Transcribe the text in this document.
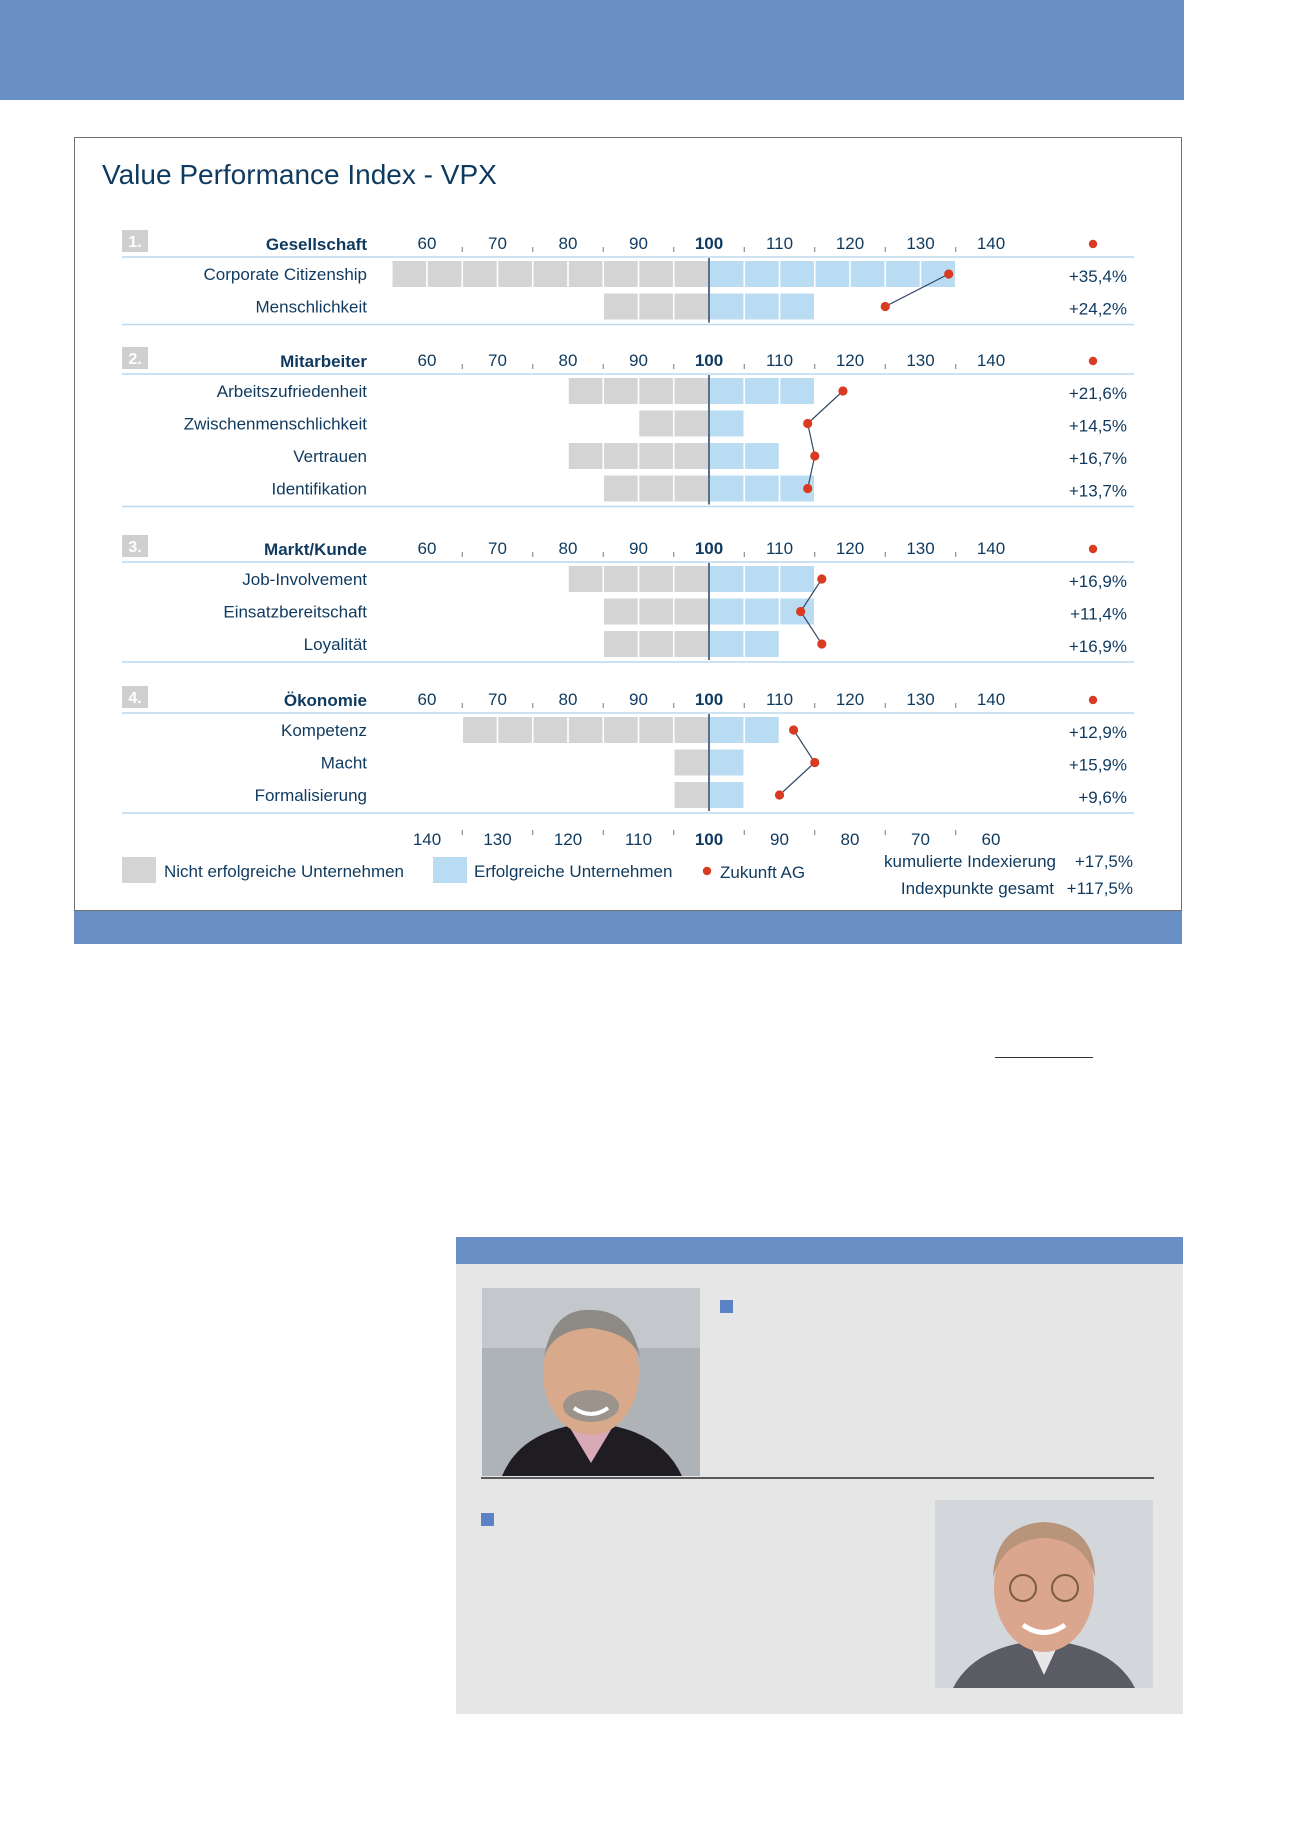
Value Performance Index - VPX
1.	Gesellschaft	60	70	80	90	100	110	120 130 140
Corporate Citizenship	+35,4%
Menschlichkeit	+24,2%
2.	Mitarbeiter	60	70	80	90	100	110	120 130 140
Arbeitszufriedenheit	+21,6%
Zwischenmenschlichkeit	+14,5%
Vertrauen	+16,7%
Identifikation	+13,7%
3.	Markt/Kunde	60	70	80	90	100	110	120 130 140
Job-Involvement	+16,9%
Einsatzbereitschaft	+11,4%
Loyalität	+16,9%
4.	Ökonomie	60	70	80	90	100	110	120 130 140
Kompetenz	+12,9%
Macht	+15,9%
Formalisierung	+9,6%
140 130 120	110	100	90	80	70	60
Nicht erfolgreiche Unternehmen	Erfolgreiche Unternehmen	Zukunft AG
kumulierte Indexierung +17,5%
Indexpunkte gesamt +117,5%
